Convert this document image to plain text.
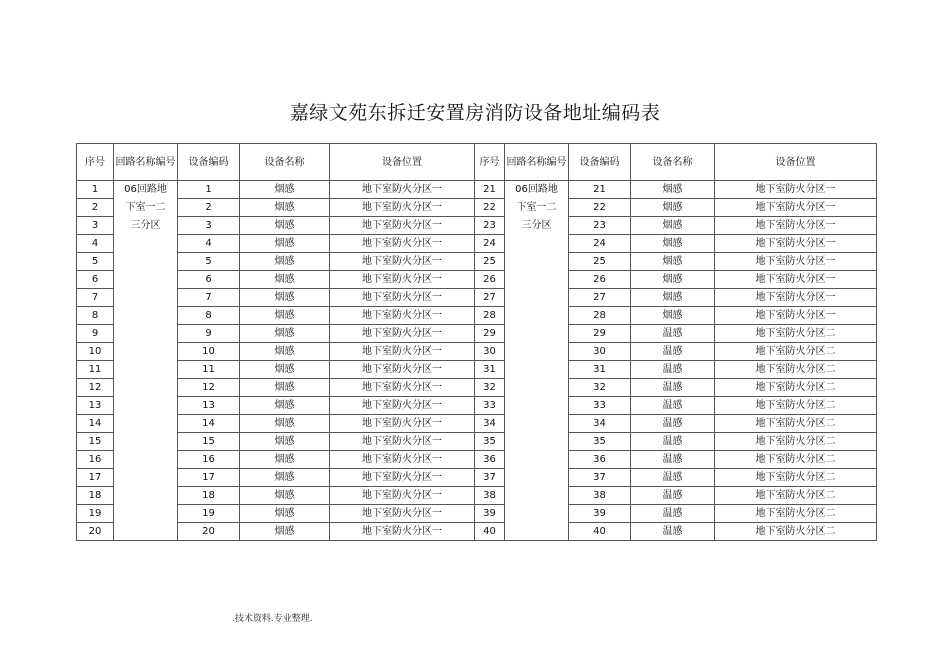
嘉绿文苑东拆迁安置房消防设备地址编码表
序号	回路名称编号	设备编码	设备名称	设备位置	序号	回路名称编号	设备编码	设备名称	设备位置
1	06回路地	1	烟感	地下室防火分区一	21	06回路地	21	烟感	地下室防火分区一
2	下室一二	2	烟感	地下室防火分区一	22	下室一二	22	烟感	地下室防火分区一
3	三分区	3	烟感	地下室防火分区一	23	三分区	23	烟感	地下室防火分区一
4		4	烟感	地下室防火分区一	24		24	烟感	地下室防火分区一
5		5	烟感	地下室防火分区一	25		25	烟感	地下室防火分区一
6		6	烟感	地下室防火分区一	26		26	烟感	地下室防火分区一
7		7	烟感	地下室防火分区一	27		27	烟感	地下室防火分区一
8		8	烟感	地下室防火分区一	28		28	烟感	地下室防火分区一
9		9	烟感	地下室防火分区一	29		29	温感	地下室防火分区二
10		10	烟感	地下室防火分区一	30		30	温感	地下室防火分区二
11		11	烟感	地下室防火分区一	31		31	温感	地下室防火分区二
12		12	烟感	地下室防火分区一	32		32	温感	地下室防火分区二
13		13	烟感	地下室防火分区一	33		33	温感	地下室防火分区二
14		14	烟感	地下室防火分区一	34		34	温感	地下室防火分区二
15		15	烟感	地下室防火分区一	35		35	温感	地下室防火分区二
16		16	烟感	地下室防火分区一	36		36	温感	地下室防火分区二
17		17	烟感	地下室防火分区一	37		37	温感	地下室防火分区二
18		18	烟感	地下室防火分区一	38		38	温感	地下室防火分区二
19		19	烟感	地下室防火分区一	39		39	温感	地下室防火分区二
20		20	烟感	地下室防火分区一	40		40	温感	地下室防火分区二
.技术资料.专业整理.
